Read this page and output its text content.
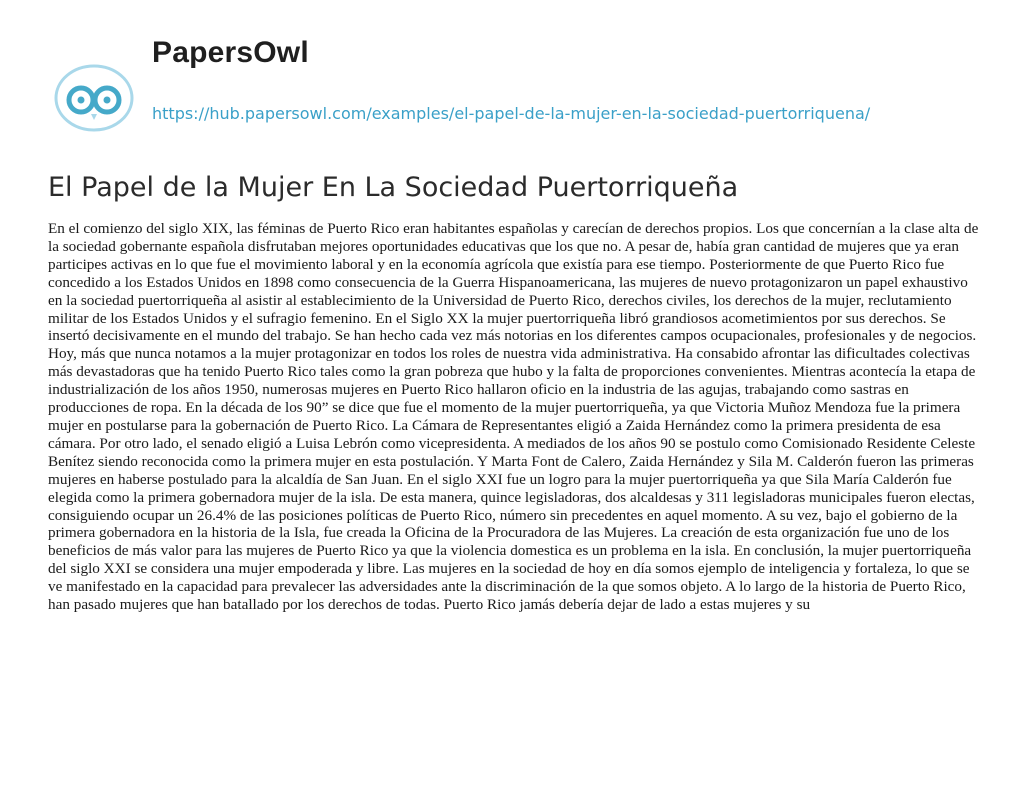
PapersOwl
https://hub.papersowl.com/examples/el-papel-de-la-mujer-en-la-sociedad-puertorriquena/
El Papel de la Mujer En La Sociedad Puertorriqueña

En el comienzo del siglo XIX, las féminas de Puerto Rico eran habitantes españolas y carecían de derechos propios. Los que concernían a la clase alta de la sociedad gobernante española disfrutaban mejores oportunidades educativas que los que no. A pesar de, había gran cantidad de mujeres que ya eran participes activas en lo que fue el movimiento laboral y en la economía agrícola que existía para ese tiempo. Posteriormente de que Puerto Rico fue concedido a los Estados Unidos en 1898 como consecuencia de la Guerra Hispanoamericana, las mujeres de nuevo protagonizaron un papel exhaustivo en la sociedad puertorriqueña al asistir al establecimiento de la Universidad de Puerto Rico, derechos civiles, los derechos de la mujer, reclutamiento militar de los Estados Unidos y el sufragio femenino. En el Siglo XX la mujer puertorriqueña libró grandiosos acometimientos por sus derechos. Se insertó decisivamente en el mundo del trabajo. Se han hecho cada vez más notorias en los diferentes campos ocupacionales, profesionales y de negocios. Hoy, más que nunca notamos a la mujer protagonizar en todos los roles de nuestra vida administrativa. Ha consabido afrontar las dificultades colectivas más devastadoras que ha tenido Puerto Rico tales como la gran pobreza que hubo y la falta de proporciones convenientes. Mientras acontecía la etapa de industrialización de los años 1950, numerosas mujeres en Puerto Rico hallaron oficio en la industria de las agujas, trabajando como sastras en producciones de ropa. En la década de los 90” se dice que fue el momento de la mujer puertorriqueña, ya que Victoria Muñoz Mendoza fue la primera mujer en postularse para la gobernación de Puerto Rico. La Cámara de Representantes eligió a Zaida Hernández como la primera presidenta de esa cámara. Por otro lado, el senado eligió a Luisa Lebrón como vicepresidenta. A mediados de los años 90 se postulo como Comisionado Residente Celeste Benítez siendo reconocida como la primera mujer en esta postulación. Y Marta Font de Calero, Zaida Hernández y Sila M. Calderón fueron las primeras mujeres en haberse postulado para la alcaldía de San Juan. En el siglo XXI fue un logro para la mujer puertorriqueña ya que Sila María Calderón fue elegida como la primera gobernadora mujer de la isla. De esta manera, quince legisladoras, dos alcaldesas y 311 legisladoras municipales fueron electas, consiguiendo ocupar un 26.4% de las posiciones políticas de Puerto Rico, número sin precedentes en aquel momento. A su vez, bajo el gobierno de la primera gobernadora en la historia de la Isla, fue creada la Oficina de la Procuradora de las Mujeres. La creación de esta organización fue uno de los beneficios de más valor para las mujeres de Puerto Rico ya que la violencia domestica es un problema en la isla. En conclusión, la mujer puertorriqueña del siglo XXI se considera una mujer empoderada y libre. Las mujeres en la sociedad de hoy en día somos ejemplo de inteligencia y fortaleza, lo que se ve manifestado en la capacidad para prevalecer las adversidades ante la discriminación de la que somos objeto. A lo largo de la historia de Puerto Rico, han pasado mujeres que han batallado por los derechos de todas. Puerto Rico jamás debería dejar de lado a estas mujeres y su
